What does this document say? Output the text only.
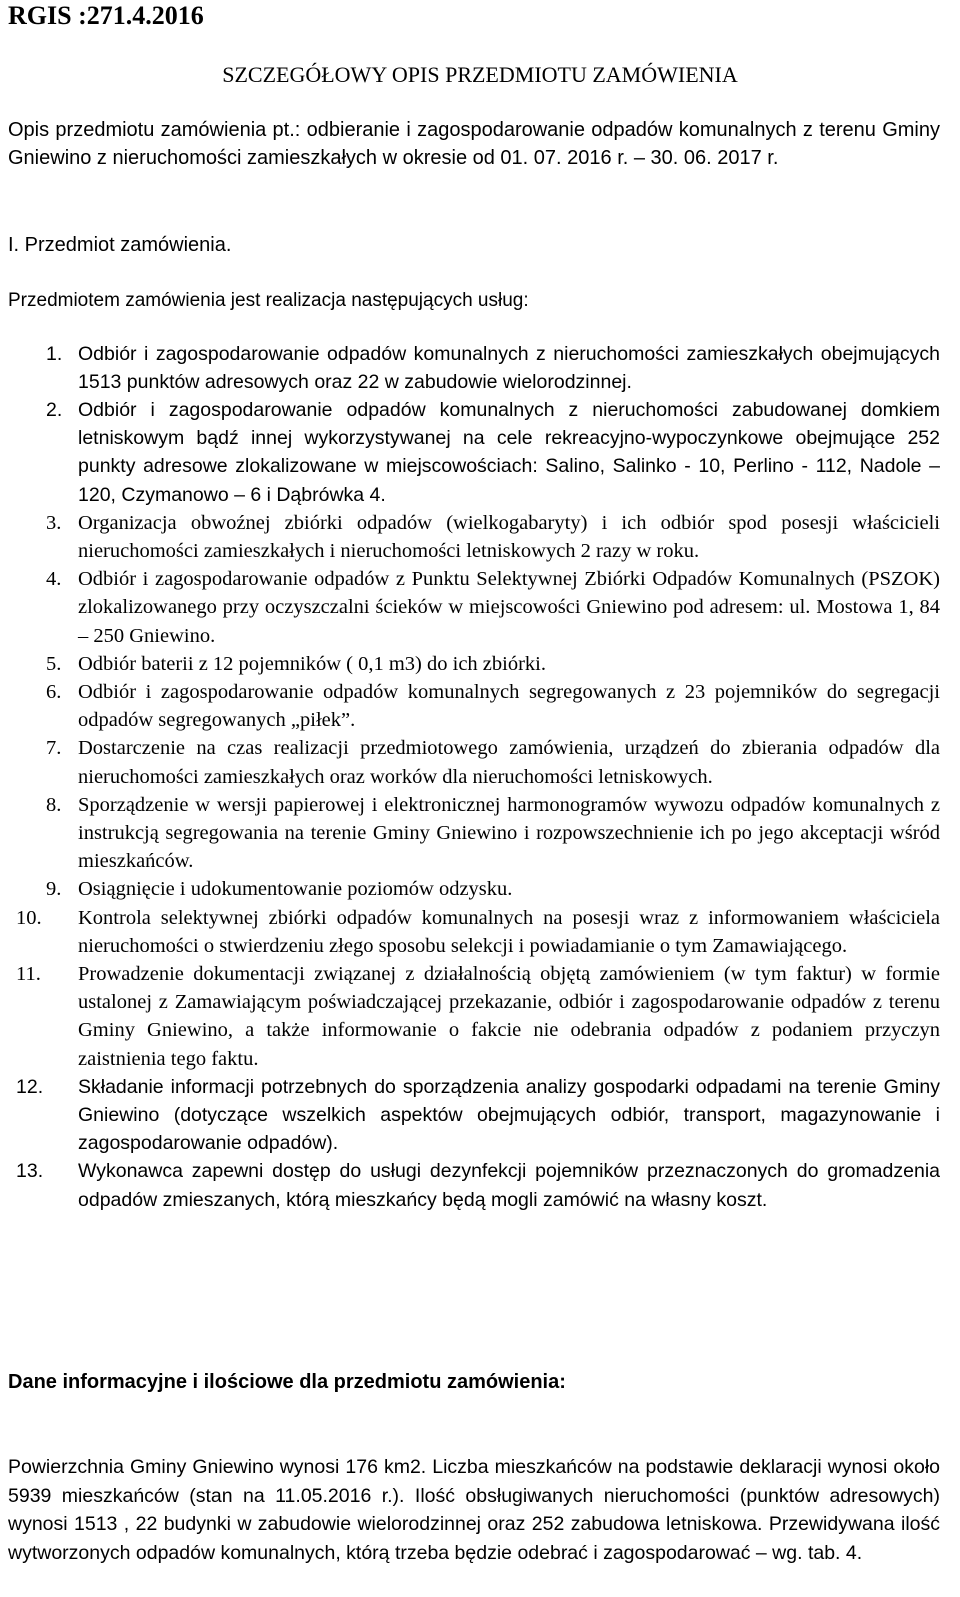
RGIS :271.4.2016

SZCZEGÓŁOWY OPIS PRZEDMIOTU ZAMÓWIENIA

Opis przedmiotu zamówienia pt.: odbieranie i zagospodarowanie odpadów komunalnych z terenu Gminy Gniewino z nieruchomości zamieszkałych w okresie od 01. 07. 2016 r. – 30. 06. 2017 r.

I. Przedmiot zamówienia.

Przedmiotem zamówienia jest realizacja następujących usług:

1. Odbiór i zagospodarowanie odpadów komunalnych z nieruchomości zamieszkałych obejmujących 1513 punktów adresowych oraz 22 w zabudowie wielorodzinnej.
2. Odbiór i zagospodarowanie odpadów komunalnych z nieruchomości zabudowanej domkiem letniskowym bądź innej wykorzystywanej na cele rekreacyjno-wypoczynkowe obejmujące 252 punkty adresowe zlokalizowane w miejscowościach: Salino, Salinko - 10, Perlino - 112, Nadole – 120, Czymanowo – 6 i Dąbrówka 4.
3. Organizacja obwoźnej zbiórki odpadów (wielkogabaryty) i ich odbiór spod posesji właścicieli nieruchomości zamieszkałych i nieruchomości letniskowych 2 razy w roku.
4. Odbiór i zagospodarowanie odpadów z Punktu Selektywnej Zbiórki Odpadów Komunalnych (PSZOK) zlokalizowanego przy oczyszczalni ścieków w miejscowości Gniewino pod adresem: ul. Mostowa 1, 84 – 250 Gniewino.
5. Odbiór baterii z 12 pojemników ( 0,1 m3) do ich zbiórki.
6. Odbiór i zagospodarowanie odpadów komunalnych segregowanych z 23 pojemników do segregacji odpadów segregowanych „piłek”.
7. Dostarczenie na czas realizacji przedmiotowego zamówienia, urządzeń do zbierania odpadów dla nieruchomości zamieszkałych oraz worków dla nieruchomości letniskowych.
8. Sporządzenie w wersji papierowej i elektronicznej harmonogramów wywozu odpadów komunalnych z instrukcją segregowania na terenie Gminy Gniewino i rozpowszechnienie ich po jego akceptacji wśród mieszkańców.
9. Osiągnięcie i udokumentowanie poziomów odzysku.
10. Kontrola selektywnej zbiórki odpadów komunalnych na posesji wraz z informowaniem właściciela nieruchomości o stwierdzeniu złego sposobu selekcji i powiadamianie o tym Zamawiającego.
11. Prowadzenie dokumentacji związanej z działalnością objętą zamówieniem (w tym faktur) w formie ustalonej z Zamawiającym poświadczającej przekazanie, odbiór i zagospodarowanie odpadów z terenu Gminy Gniewino, a także informowanie o fakcie nie odebrania odpadów z podaniem przyczyn zaistnienia tego faktu.
12. Składanie informacji potrzebnych do sporządzenia analizy gospodarki odpadami na terenie Gminy Gniewino (dotyczące wszelkich aspektów obejmujących odbiór, transport, magazynowanie i zagospodarowanie odpadów).
13. Wykonawca zapewni dostęp do usługi dezynfekcji pojemników przeznaczonych do gromadzenia odpadów zmieszanych, którą mieszkańcy będą mogli zamówić na własny koszt.

Dane informacyjne i ilościowe dla przedmiotu zamówienia:

Powierzchnia Gminy Gniewino wynosi 176 km2. Liczba mieszkańców na podstawie deklaracji wynosi około 5939 mieszkańców (stan na 11.05.2016 r.). Ilość obsługiwanych nieruchomości (punktów adresowych) wynosi 1513 , 22 budynki w zabudowie wielorodzinnej oraz 252 zabudowa letniskowa. Przewidywana ilość wytworzonych odpadów komunalnych, którą trzeba będzie odebrać i zagospodarować – wg. tab. 4.
